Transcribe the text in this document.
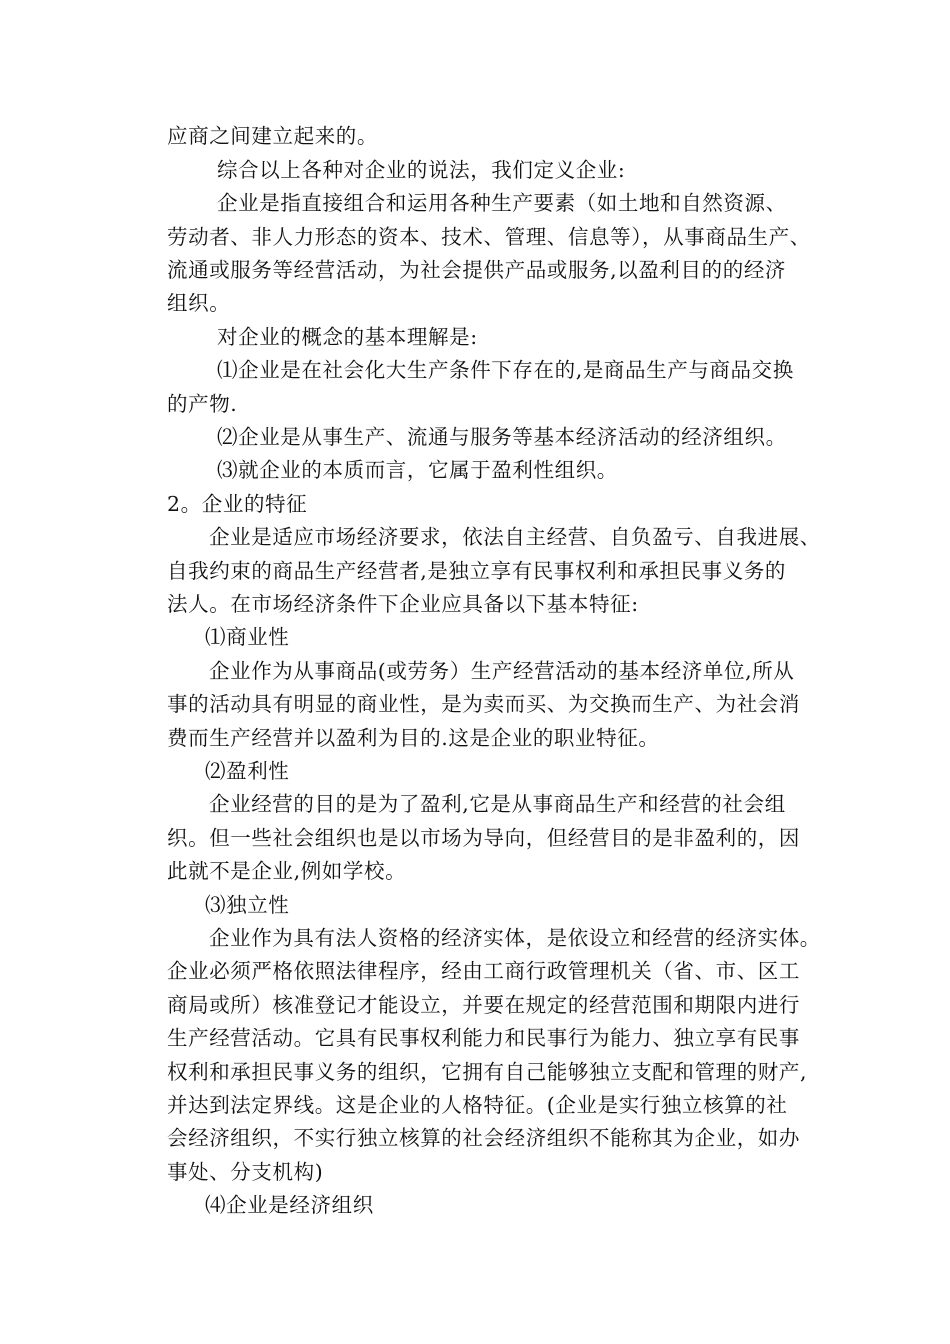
应商之间建立起来的。
综合以上各种对企业的说法，我们定义企业:
企业是指直接组合和运用各种生产要素（如土地和自然资源、
劳动者、非人力形态的资本、技术、管理、信息等），从事商品生产、
流通或服务等经营活动，为社会提供产品或服务,以盈利目的的经济
组织。
对企业的概念的基本理解是:
⑴企业是在社会化大生产条件下存在的,是商品生产与商品交换
的产物.
⑵企业是从事生产、流通与服务等基本经济活动的经济组织。
⑶就企业的本质而言，它属于盈利性组织。
2。企业的特征
企业是适应市场经济要求，依法自主经营、自负盈亏、自我进展、
自我约束的商品生产经营者,是独立享有民事权利和承担民事义务的
法人。在市场经济条件下企业应具备以下基本特征:
⑴商业性
企业作为从事商品(或劳务）生产经营活动的基本经济单位,所从
事的活动具有明显的商业性，是为卖而买、为交换而生产、为社会消
费而生产经营并以盈利为目的.这是企业的职业特征。
⑵盈利性
企业经营的目的是为了盈利,它是从事商品生产和经营的社会组
织。但一些社会组织也是以市场为导向，但经营目的是非盈利的，因
此就不是企业,例如学校。
⑶独立性
企业作为具有法人资格的经济实体，是依设立和经营的经济实体。
企业必须严格依照法律程序，经由工商行政管理机关（省、市、区工
商局或所）核准登记才能设立，并要在规定的经营范围和期限内进行
生产经营活动。它具有民事权利能力和民事行为能力、独立享有民事
权利和承担民事义务的组织，它拥有自己能够独立支配和管理的财产,
并达到法定界线。这是企业的人格特征。(企业是实行独立核算的社
会经济组织，不实行独立核算的社会经济组织不能称其为企业，如办
事处、分支机构)
⑷企业是经济组织
